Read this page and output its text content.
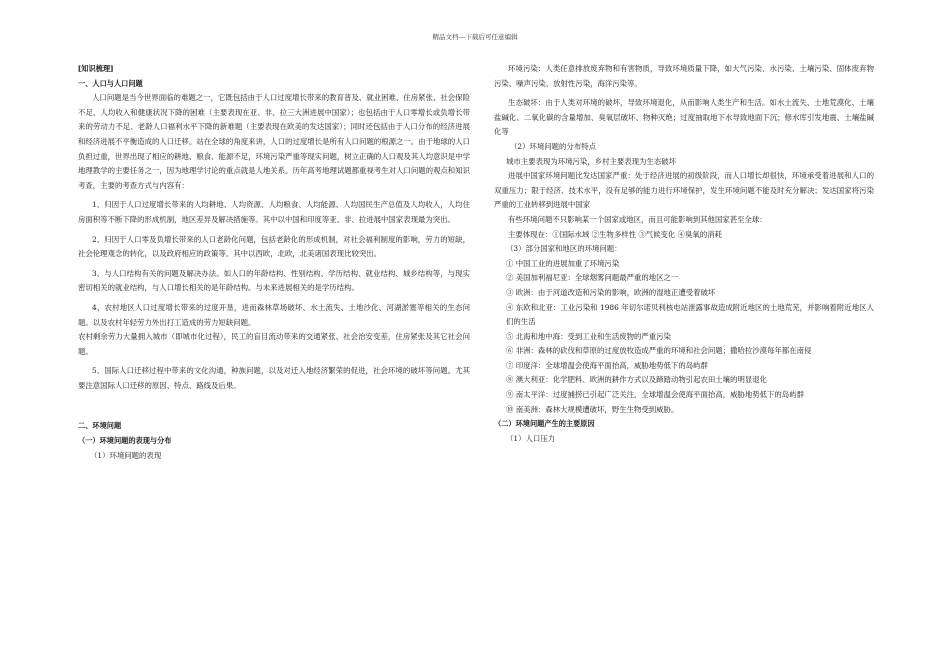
精品文档---下载后可任意编辑

[知识梳理]

一、人口与人口问题

人口问题是当今世界面临的难题之一，它既包括由于人口过度增长带来的教育普及、就业困难、住房紧张、社会保险不足、人均收入和健康状况下降的困难（主要表现在亚、非、拉三大洲进展中国家）；也包括由于人口零增长或负增长带来的劳动力不足、老龄人口福利水平下降的新难题（主要表现在欧美的发达国家）；同时还包括由于人口分布的经济进展和经济进展不平衡造成的人口迁移。站在全球的角度来讲，人口的过度增长是所有人口问题的根源之一。由于地球的人口负担过重，世界出现了相应的耕地、粮食、能源不足，环境污染严重等现实问题，树立正确的人口观及其人均意识是中学地理教学的主要任务之一，因为地理学讨论的重点就是人地关系。历年高考地理试题都重视考生对人口问题的观点和知识考查，主要的考查方式与内容有：

1、归因于人口过度增长带来的人均耕地、人均资源、人均粮食、人均能源、人均国民生产总值及人均收入，人均住房面积等不断下降的形成机制，地区差异及解决措施等。其中以中国和印度等亚、非、拉进展中国家表现最为突出。

2、归因于人口零及负增长带来的人口老龄化问题，包括老龄化的形成机制，对社会福利制度的影响，劳力的短缺，社会伦理观念的转化，以及政府相应的政策等。其中以西欧，北欧，北美诸国表现比较突出。

3、与人口结构有关的问题及解决办法。如人口的年龄结构、性别结构、学历结构、就业结构、城乡结构等，与现实密切相关的就业结构，与人口增长相关的是年龄结构。与未来进展相关的是学历结构。

4、农村地区人口过度增长带来的过度开垦，进而森林草场破坏、水土流失、土地沙化、河湖淤塞等相关的生态问题。以及农村年轻劳力外出打工造成的劳力短缺问题。

农村剩余劳力大量拥入城市（即城市化过程），民工的盲目流动带来的交通紧张、社会治安变差，住房紧张及其它社会问题。

5、国际人口迁移过程中带来的文化沟通，种族问题，以及对迁入地经济繁荣的促进，社会环境的破坏等问题。尤其要注意国际人口迁移的原因、特点、路线及后果。

二、环境问题

（一）环境问题的表现与分布

（1）环境问题的表现

环境污染：人类任意排放废弃物和有害物质，导致环境质量下降，如大气污染、水污染、土壤污染、固体废弃物污染、噪声污染、放射性污染，海洋污染等。

生态破坏：由于人类对环境的破坏，导致环境退化，从而影响人类生产和生活。如水土流失、土地荒漠化、土壤盐碱化、二氧化碳的含量增加、臭氧层破坏、物种灭绝；过度抽取地下水导致地面下沉；修水库引发地震、土壤盐碱化等

（2）环境问题的分布特点

城市主要表现为环境污染，乡村主要表现为生态破坏

进展中国家环境问题比发达国家严重：处于经济进展的初级阶段，而人口增长却很快，环境承受着进展和人口的双重压力；限于经济、技术水平，没有足够的能力进行环境保护，发生环境问题不能及时充分解决；发达国家将污染严重的工业转移到进展中国家

有些环境问题不只影响某一个国家或地区，而且可能影响到其他国家甚至全球：

主要体现在：①国际水域 ②生物多样性 ③气候变化 ④臭氧的消耗

（3）部分国家和地区的环境问题：

① 中国工业的进展加重了环境污染

② 美国加利福尼亚：全球烟雾问题最严重的地区之一

③ 欧洲：由于河道改造和污染的影响，欧洲的湿地正遭受着破坏

④ 东欧和北亚：工业污染和 1986 年切尔诺贝利核电站泄露事故造成附近地区的土地荒芜，并影响着附近地区人们的生活

⑤ 北海和地中海：受到工业和生活废物的严重污染

⑥ 非洲：森林的砍伐和草原的过度放牧造成严重的环境和社会问题；撒哈拉沙漠每年都在南侵

⑦ 印度洋：全球增温会使海平面抬高，威胁地势低下的岛屿群

⑧ 澳大利亚：化学肥料、欧洲的耕作方式以及蹄踏动物引起农田土壤的明显退化

⑨ 南太平洋：过度捕捞已引起广泛关注，全球增温会使海平面抬高，威胁地势低下的岛屿群

⑩ 南美洲：森林大规模遭破坏，野生生物受到威胁。

（二）环境问题产生的主要原因

（1）人口压力
